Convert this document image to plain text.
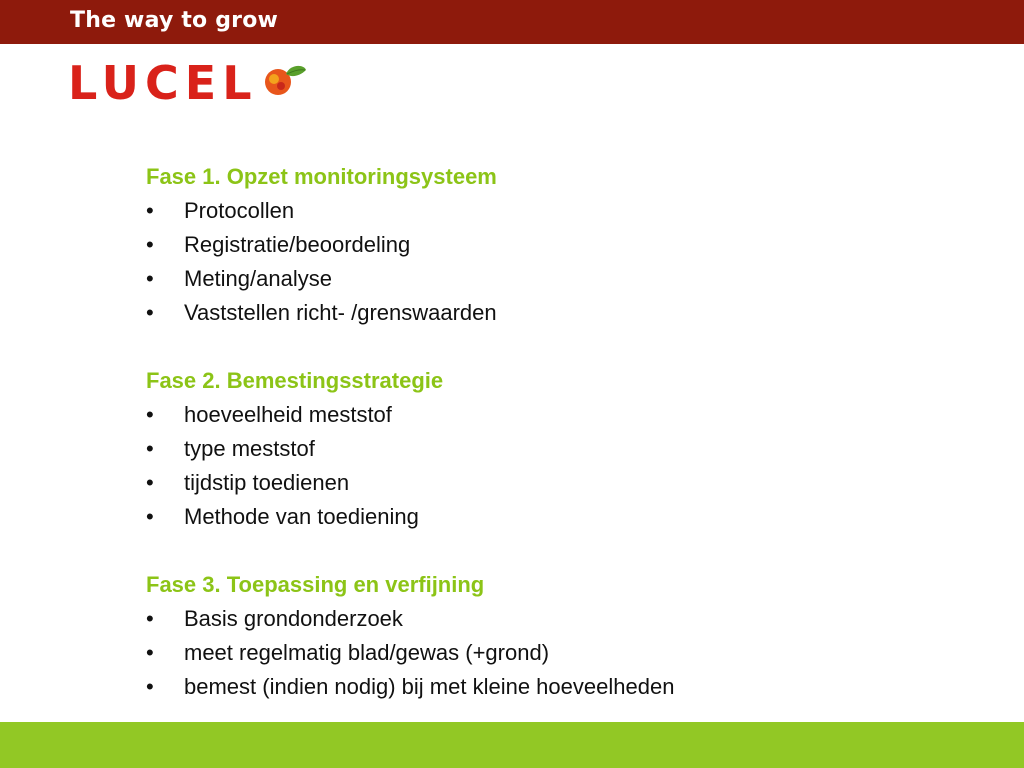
The way to grow
LUCEL
Fase 1. Opzet monitoringsysteem
•	Protocollen
•	Registratie/beoordeling
•	Meting/analyse
•	Vaststellen richt- /grenswaarden
Fase 2. Bemestingsstrategie
•	hoeveelheid meststof
•	type meststof
•	tijdstip toedienen
•	Methode van toediening
Fase 3. Toepassing en verfijning
•	Basis grondonderzoek
•	meet regelmatig blad/gewas (+grond)
•	bemest (indien nodig) bij met kleine hoeveelheden
